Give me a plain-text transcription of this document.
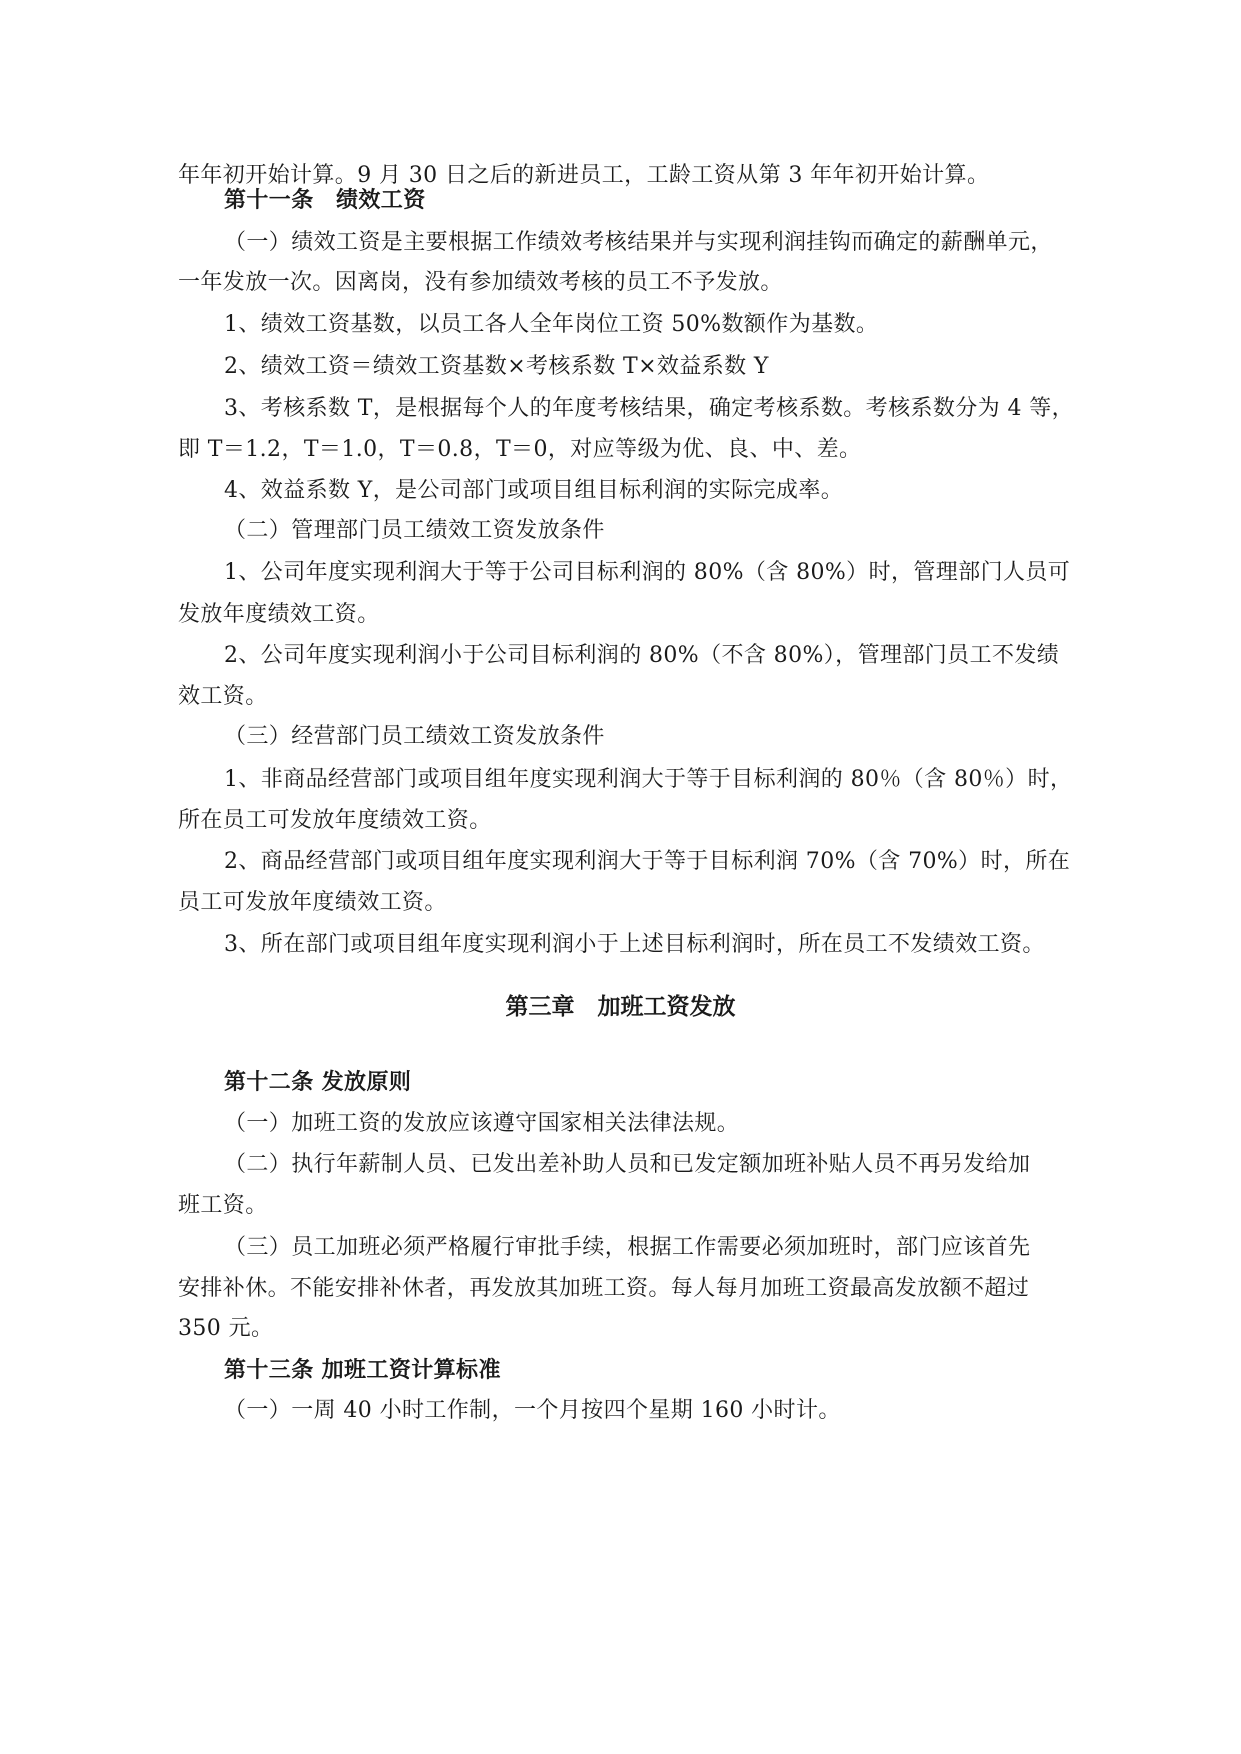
年年初开始计算。9 月 30 日之后的新进员工，工龄工资从第 3 年年初开始计算。
第十一条　绩效工资
（一）绩效工资是主要根据工作绩效考核结果并与实现利润挂钩而确定的薪酬单元，
一年发放一次。因离岗，没有参加绩效考核的员工不予发放。
1、绩效工资基数，以员工各人全年岗位工资 50%数额作为基数。
2、绩效工资＝绩效工资基数×考核系数 T×效益系数 Y
3、考核系数 T，是根据每个人的年度考核结果，确定考核系数。考核系数分为 4 等，
即 T＝1.2，T＝1.0，T＝0.8，T＝0，对应等级为优、良、中、差。
4、效益系数 Y，是公司部门或项目组目标利润的实际完成率。
（二）管理部门员工绩效工资发放条件
1、公司年度实现利润大于等于公司目标利润的 80%（含 80%）时，管理部门人员可
发放年度绩效工资。
2、公司年度实现利润小于公司目标利润的 80%（不含 80%），管理部门员工不发绩
效工资。
（三）经营部门员工绩效工资发放条件
1、非商品经营部门或项目组年度实现利润大于等于目标利润的 80％（含 80％）时，
所在员工可发放年度绩效工资。
2、商品经营部门或项目组年度实现利润大于等于目标利润 70%（含 70%）时，所在
员工可发放年度绩效工资。
3、所在部门或项目组年度实现利润小于上述目标利润时，所在员工不发绩效工资。
第三章　加班工资发放
第十二条 发放原则
（一）加班工资的发放应该遵守国家相关法律法规。
（二）执行年薪制人员、已发出差补助人员和已发定额加班补贴人员不再另发给加
班工资。
（三）员工加班必须严格履行审批手续，根据工作需要必须加班时，部门应该首先
安排补休。不能安排补休者，再发放其加班工资。每人每月加班工资最高发放额不超过
350 元。
第十三条 加班工资计算标准
（一）一周 40 小时工作制，一个月按四个星期 160 小时计。
